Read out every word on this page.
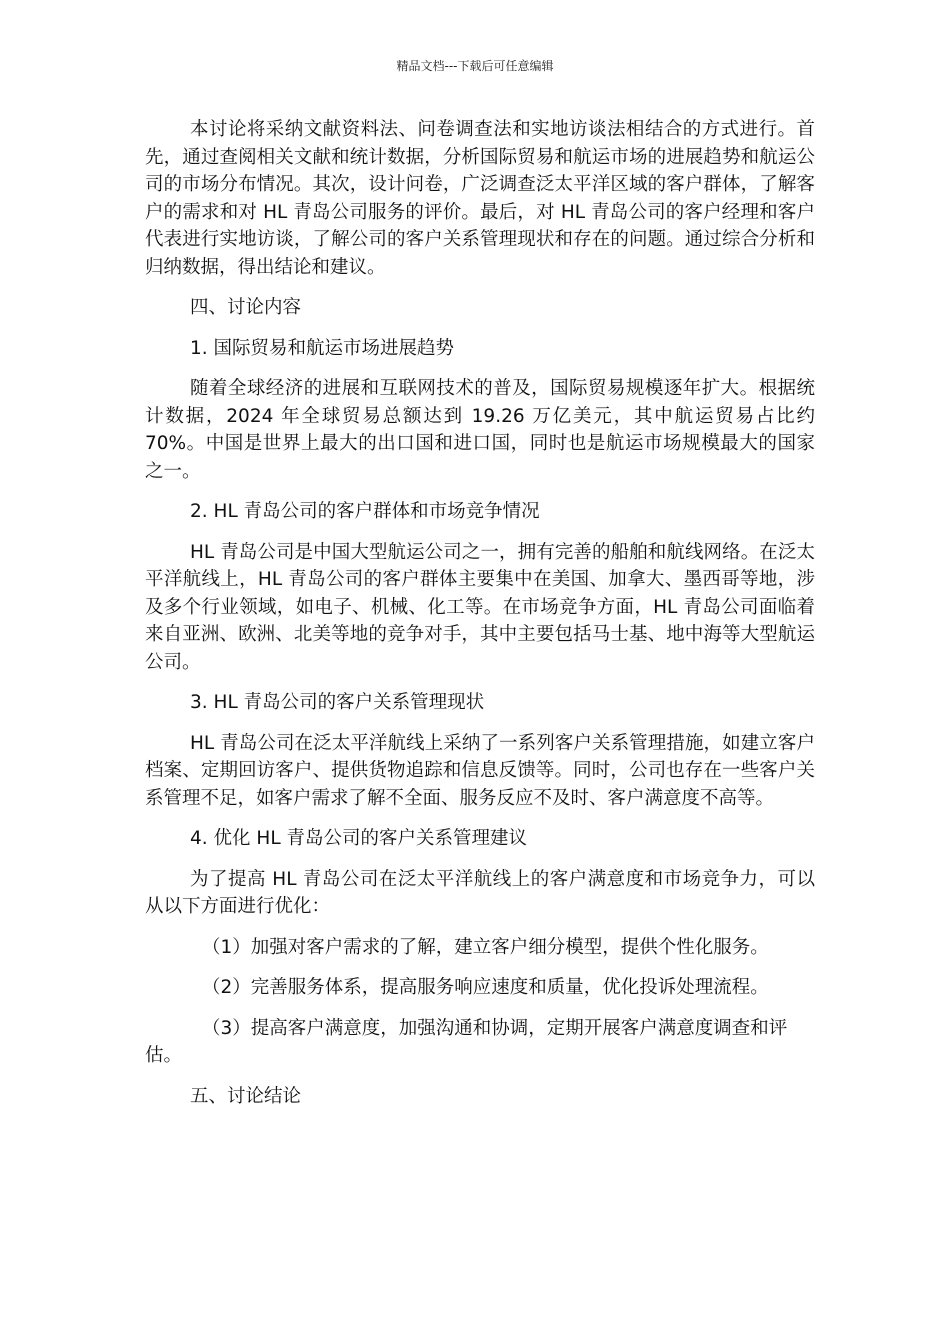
精品文档---下载后可任意编辑

本讨论将采纳文献资料法、问卷调查法和实地访谈法相结合的方式进行。首先，通过查阅相关文献和统计数据，分析国际贸易和航运市场的进展趋势和航运公司的市场分布情况。其次，设计问卷，广泛调查泛太平洋区域的客户群体，了解客户的需求和对 HL 青岛公司服务的评价。最后，对 HL 青岛公司的客户经理和客户代表进行实地访谈，了解公司的客户关系管理现状和存在的问题。通过综合分析和归纳数据，得出结论和建议。

四、讨论内容

1. 国际贸易和航运市场进展趋势

随着全球经济的进展和互联网技术的普及，国际贸易规模逐年扩大。根据统计数据，2024 年全球贸易总额达到 19.26 万亿美元，其中航运贸易占比约 70%。中国是世界上最大的出口国和进口国，同时也是航运市场规模最大的国家之一。

2. HL 青岛公司的客户群体和市场竞争情况

HL 青岛公司是中国大型航运公司之一，拥有完善的船舶和航线网络。在泛太平洋航线上，HL 青岛公司的客户群体主要集中在美国、加拿大、墨西哥等地，涉及多个行业领域，如电子、机械、化工等。在市场竞争方面，HL 青岛公司面临着来自亚洲、欧洲、北美等地的竞争对手，其中主要包括马士基、地中海等大型航运公司。

3. HL 青岛公司的客户关系管理现状

HL 青岛公司在泛太平洋航线上采纳了一系列客户关系管理措施，如建立客户档案、定期回访客户、提供货物追踪和信息反馈等。同时，公司也存在一些客户关系管理不足，如客户需求了解不全面、服务反应不及时、客户满意度不高等。

4. 优化 HL 青岛公司的客户关系管理建议

为了提高 HL 青岛公司在泛太平洋航线上的客户满意度和市场竞争力，可以从以下方面进行优化：

（1）加强对客户需求的了解，建立客户细分模型，提供个性化服务。

（2）完善服务体系，提高服务响应速度和质量，优化投诉处理流程。

（3）提高客户满意度，加强沟通和协调，定期开展客户满意度调查和评估。

五、讨论结论
